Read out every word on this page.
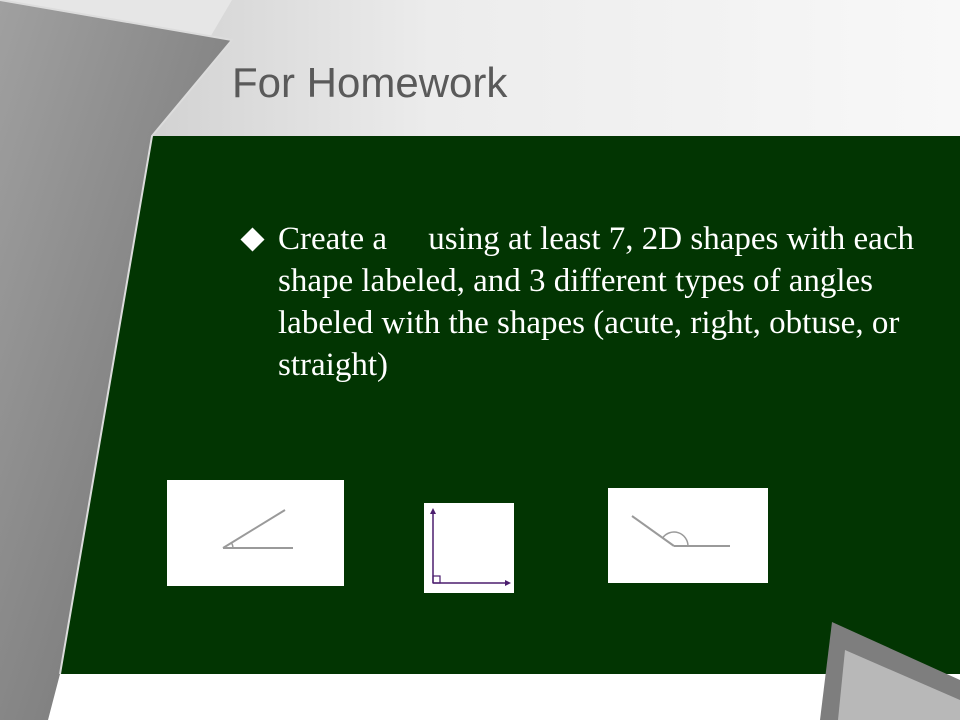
For Homework
Create a     using at least 7, 2D shapes with each shape labeled, and 3 different types of angles labeled with the shapes (acute, right, obtuse, or straight)
